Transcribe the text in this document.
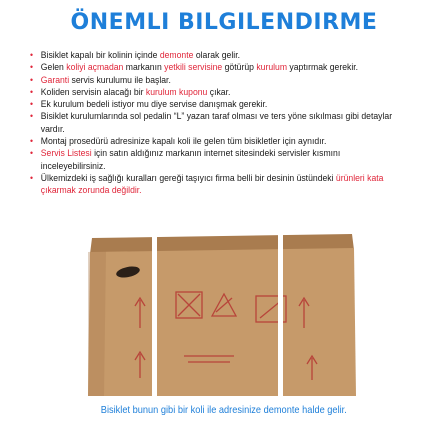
ÖNEMLI BILGILENDIRME
• Bisiklet kapalı bir kolinin içinde demonte olarak gelir.
• Gelen koliyi açmadan markanın yetkili servisine götürüp kurulum yaptırmak gerekir.
• Garanti servis kurulumu ile başlar.
• Koliden servisin alacağı bir kurulum kuponu çıkar.
• Ek kurulum bedeli istiyor mu diye servise danışmak gerekir.
• Bisiklet kurulumlarında sol pedalin “L” yazan taraf olması ve ters yöne sıkılması gibi detaylar vardır.
• Montaj prosedürü adresinize kapalı koli ile gelen tüm bisikletler için aynıdır.
• Servis Listesi için satın aldığınız markanın internet sitesindeki servisler kısmını inceleyebilirsiniz.
• Ülkemizdeki iş sağlığı kuralları gereği taşıyıcı firma belli bir desinin üstündeki ürünleri kata çıkarmak zorunda değildir.
Bisiklet bunun gibi bir koli ile adresinize demonte halde gelir.
